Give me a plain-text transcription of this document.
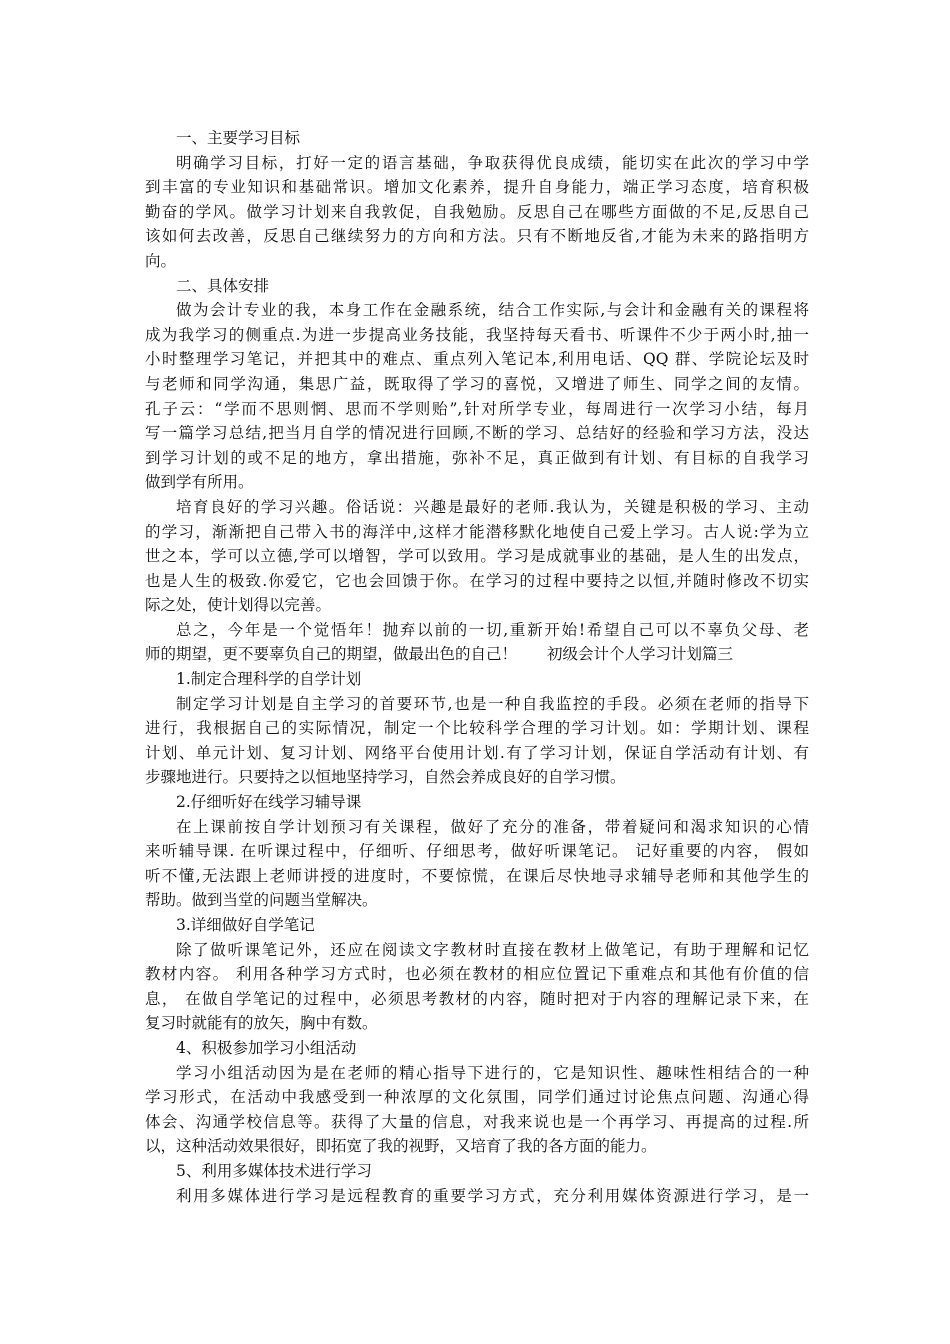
一、主要学习目标
明确学习目标，打好一定的语言基础，争取获得优良成绩，能切实在此次的学习中学
到丰富的专业知识和基础常识。增加文化素养，提升自身能力，端正学习态度，培育积极
勤奋的学风。做学习计划来自我敦促，自我勉励。反思自己在哪些方面做的不足,反思自己
该如何去改善，反思自己继续努力的方向和方法。只有不断地反省,才能为未来的路指明方
向。
二、具体安排
做为会计专业的我，本身工作在金融系统，结合工作实际,与会计和金融有关的课程将
成为我学习的侧重点.为进一步提高业务技能，我坚持每天看书、听课件不少于两小时,抽一
小时整理学习笔记，并把其中的难点、重点列入笔记本,利用电话、QQ 群、学院论坛及时
与老师和同学沟通，集思广益，既取得了学习的喜悦，又增进了师生、同学之间的友情。
孔子云：“学而不思则惘、思而不学则贻”,针对所学专业，每周进行一次学习小结，每月
写一篇学习总结,把当月自学的情况进行回顾,不断的学习、总结好的经验和学习方法，没达
到学习计划的或不足的地方，拿出措施，弥补不足，真正做到有计划、有目标的自我学习
做到学有所用。
培育良好的学习兴趣。俗话说：兴趣是最好的老师.我认为，关键是积极的学习、主动
的学习，渐渐把自己带入书的海洋中,这样才能潜移默化地使自己爱上学习。古人说:学为立
世之本，学可以立德,学可以增智，学可以致用。学习是成就事业的基础，是人生的出发点，
也是人生的极致.你爱它，它也会回馈于你。在学习的过程中要持之以恒,并随时修改不切实
际之处，使计划得以完善。
总之，今年是一个觉悟年！抛弃以前的一切,重新开始!希望自己可以不辜负父母、老
师的期望，更不要辜负自己的期望，做最出色的自己！ 初级会计个人学习计划篇三
1.制定合理科学的自学计划
制定学习计划是自主学习的首要环节,也是一种自我监控的手段。必须在老师的指导下
进行，我根据自己的实际情况，制定一个比较科学合理的学习计划。如：学期计划、课程
计划、单元计划、复习计划、网络平台使用计划.有了学习计划，保证自学活动有计划、有
步骤地进行。只要持之以恒地坚持学习，自然会养成良好的自学习惯。
2.仔细听好在线学习辅导课
在上课前按自学计划预习有关课程，做好了充分的准备，带着疑问和渴求知识的心情
来听辅导课. 在听课过程中，仔细听、仔细思考，做好听课笔记。 记好重要的内容， 假如
听不懂,无法跟上老师讲授的进度时，不要惊慌，在课后尽快地寻求辅导老师和其他学生的
帮助。做到当堂的问题当堂解决。
3.详细做好自学笔记
除了做听课笔记外，还应在阅读文字教材时直接在教材上做笔记，有助于理解和记忆
教材内容。 利用各种学习方式时，也必须在教材的相应位置记下重难点和其他有价值的信
息， 在做自学笔记的过程中，必须思考教材的内容，随时把对于内容的理解记录下来，在
复习时就能有的放矢，胸中有数。
4、积极参加学习小组活动
学习小组活动因为是在老师的精心指导下进行的，它是知识性、趣味性相结合的一种
学习形式，在活动中我感受到一种浓厚的文化氛围，同学们通过讨论焦点问题、沟通心得
体会、沟通学校信息等。获得了大量的信息，对我来说也是一个再学习、再提高的过程.所
以，这种活动效果很好，即拓宽了我的视野，又培育了我的各方面的能力。
5、利用多媒体技术进行学习
利用多媒体进行学习是远程教育的重要学习方式，充分利用媒体资源进行学习，是一
